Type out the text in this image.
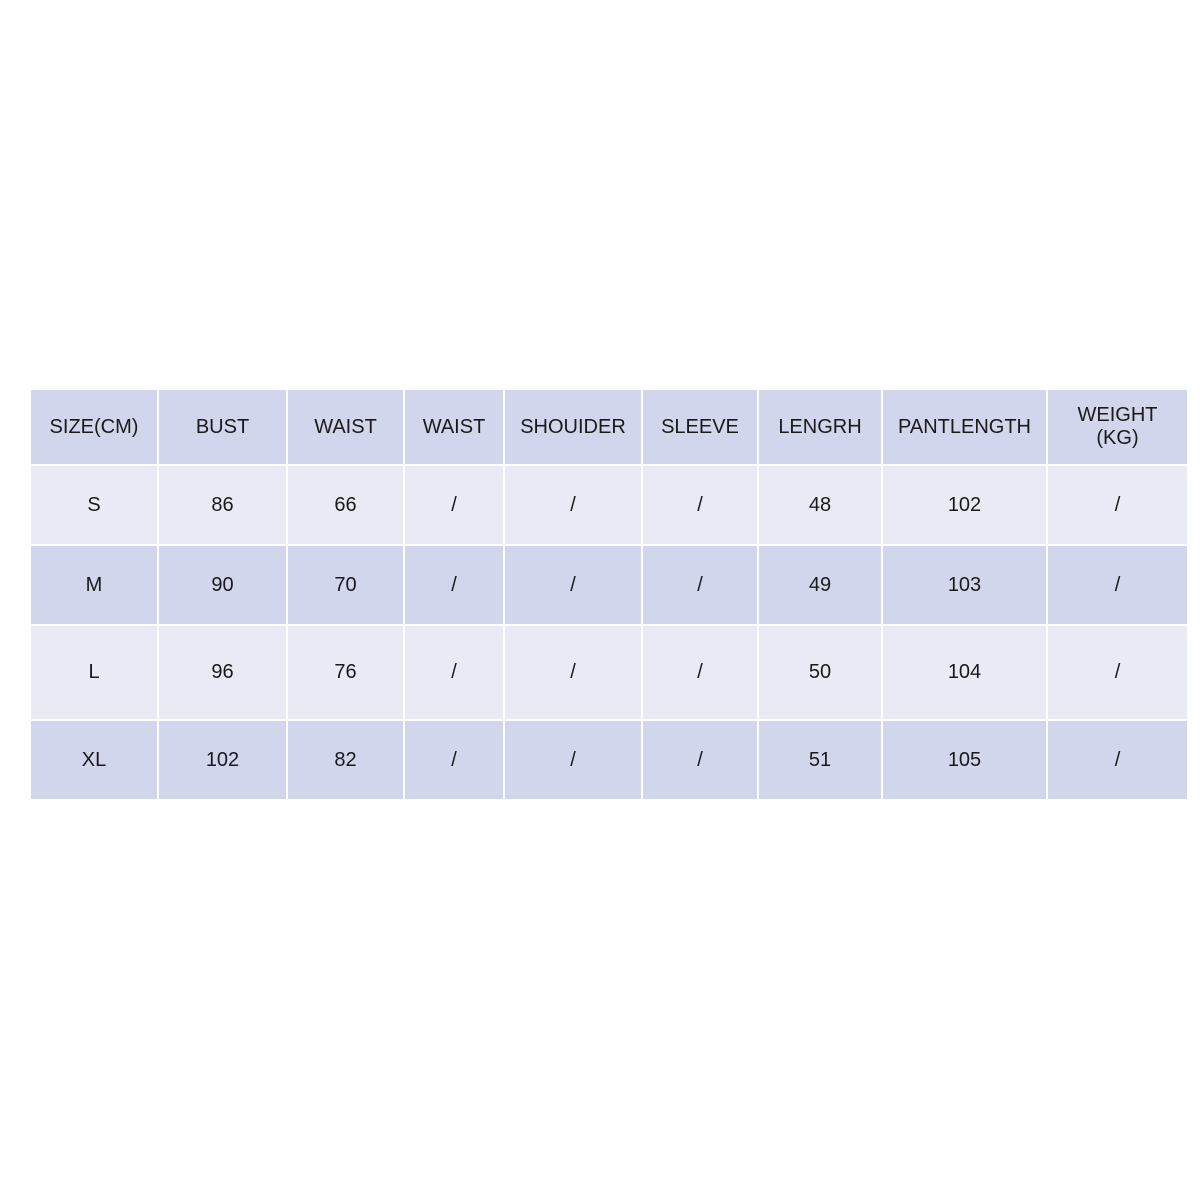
SIZE(CM)	BUST	WAIST	WAIST	SHOUIDER	SLEEVE	LENGRH	PANTLENGTH	WEIGHT
(KG)

S	86	66	/	/	/	48	102	/
M	90	70	/	/	/	49	103	/
L	96	76	/	/	/	50	104	/
XL	102	82	/	/	/	51	105	/
